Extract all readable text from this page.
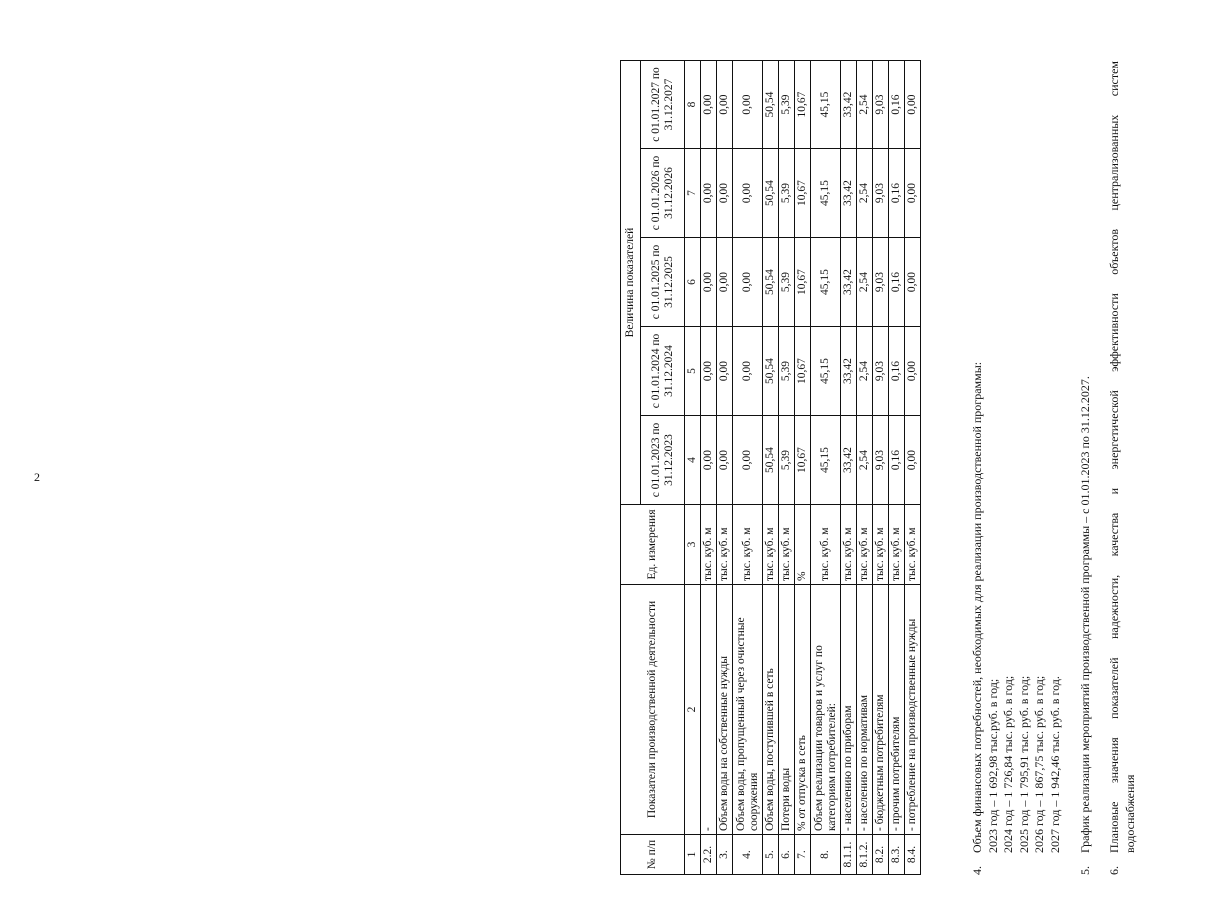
2
№ п/п	Показатели производственной деятельности	Ед. измерения	Величина показателей				
			с 01.01.2023 по 31.12.2023	с 01.01.2024 по 31.12.2024	с 01.01.2025 по 31.12.2025	с 01.01.2026 по 31.12.2026	с 01.01.2027 по 31.12.2027
1	2	3	4	5	6	7	8
2.2.	-	тыс. куб. м	0,00	0,00	0,00	0,00	0,00
3.	Объем воды на собственные нужды	тыс. куб. м	0,00	0,00	0,00	0,00	0,00
4.	Объем воды, пропущенный через очистные сооружения	тыс. куб. м	0,00	0,00	0,00	0,00	0,00
5.	Объем воды, поступившей в сеть	тыс. куб. м	50,54	50,54	50,54	50,54	50,54
6.	Потери воды	тыс. куб. м	5,39	5,39	5,39	5,39	5,39
7.	% от отпуска в сеть	%	10,67	10,67	10,67	10,67	10,67
8.	Объем реализации товаров и услуг по категориям потребителей:	тыс. куб. м	45,15	45,15	45,15	45,15	45,15
8.1.1.	- населению по приборам	тыс. куб. м	33,42	33,42	33,42	33,42	33,42
8.1.2.	- населению по нормативам	тыс. куб. м	2,54	2,54	2,54	2,54	2,54
8.2.	- бюджетным потребителям	тыс. куб. м	9,03	9,03	9,03	9,03	9,03
8.3.	- прочим потребителям	тыс. куб. м	0,16	0,16	0,16	0,16	0,16
8.4.	- потребление на производственные нужды	тыс. куб. м	0,00	0,00	0,00	0,00	0,00
4.
Объем финансовых потребностей, необходимых для реализации производственной программы: 2023 год – 1 692,98 тыс.руб. в год; 2024 год – 1 726,84 тыс. руб. в год; 2025 год – 1 795,91 тыс. руб. в год; 2026 год – 1 867,75 тыс. руб. в год; 2027 год – 1 942,46 тыс. руб. в год.
5.
График реализации мероприятий производственной программы – с 01.01.2023 по 31.12.2027.
6.
Плановые значения показателей надежности, качества и энергетической эффективности объектов централизованных систем водоснабжения
